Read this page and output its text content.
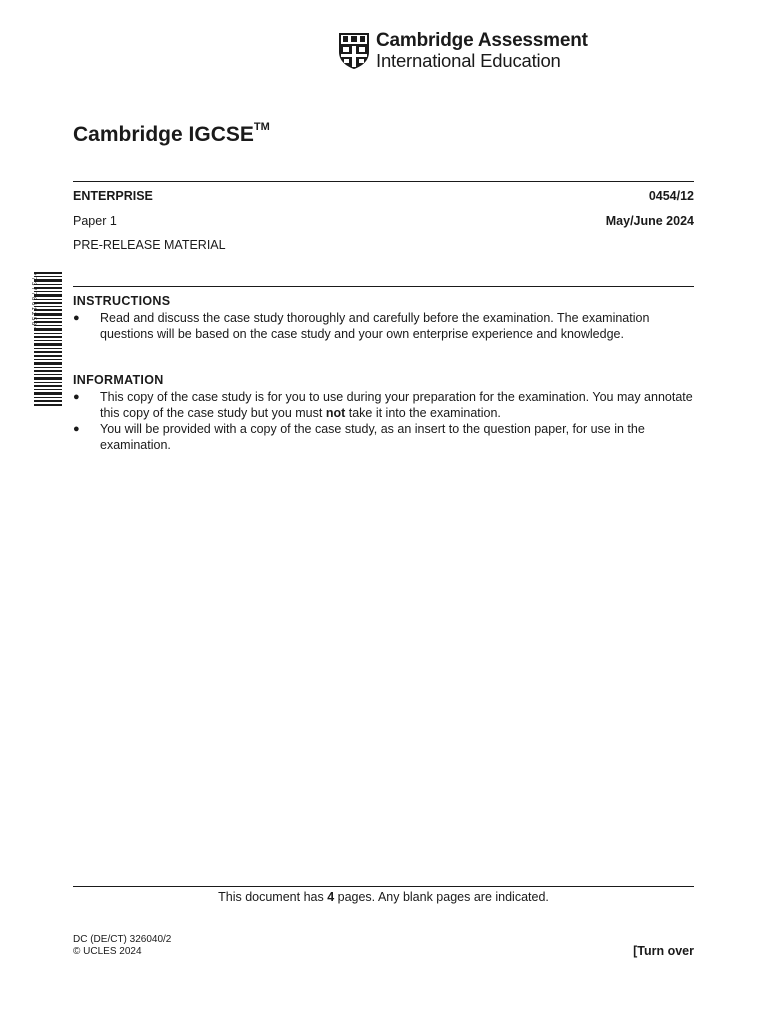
Cambridge Assessment
International Education
Cambridge IGCSE™
ENTERPRISE	0454/12
Paper 1	May/June 2024
PRE-RELEASE MATERIAL
* 7 3 7 7 8 6 1 2 5 8 *	INSTRUCTIONS
●	Read and discuss the case study thoroughly and carefully before the examination. The examination questions will be based on the case study and your own enterprise experience and knowledge.
INFORMATION
●	This copy of the case study is for you to use during your preparation for the examination. You may annotate this copy of the case study but you must not take it into the examination.
●	You will be provided with a copy of the case study, as an insert to the question paper, for use in the examination.
This document has 4 pages. Any blank pages are indicated.
DC (DE/CT) 326040/2
© UCLES 2024	[Turn over
